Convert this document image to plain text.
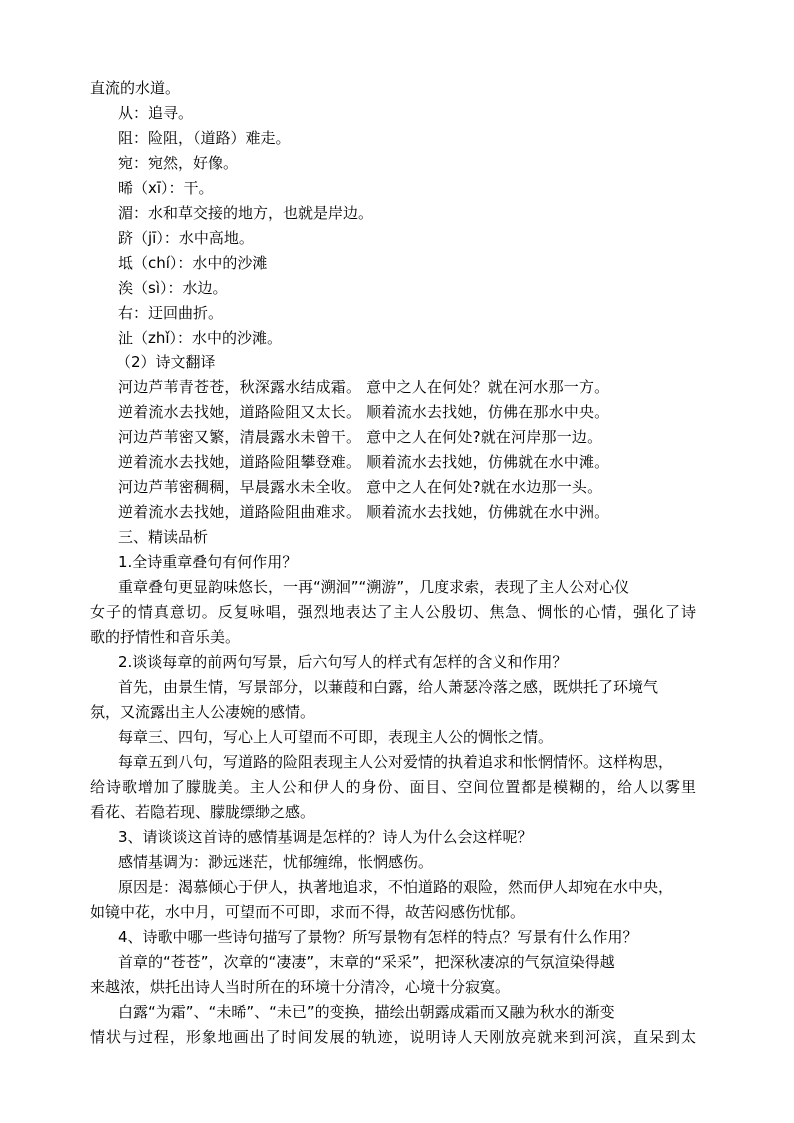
直流的水道。
从：追寻。
阻：险阻，（道路）难走。
宛：宛然，好像。
晞（xī）：干。
湄：水和草交接的地方，也就是岸边。
跻（jī）：水中高地。
坻（chí）：水中的沙滩
涘（sì）：水边。
右：迂回曲折。
沚（zhǐ）：水中的沙滩。
（2）诗文翻译
河边芦苇青苍苍，秋深露水结成霜。 意中之人在何处？就在河水那一方。
逆着流水去找她，道路险阻又太长。 顺着流水去找她，仿佛在那水中央。
河边芦苇密又繁，清晨露水未曾干。 意中之人在何处?就在河岸那一边。
逆着流水去找她，道路险阻攀登难。 顺着流水去找她，仿佛就在水中滩。
河边芦苇密稠稠，早晨露水未全收。 意中之人在何处?就在水边那一头。
逆着流水去找她，道路险阻曲难求。 顺着流水去找她，仿佛就在水中洲。
三、精读品析
1.全诗重章叠句有何作用？
重章叠句更显韵味悠长，一再“溯洄”“溯游”，几度求索，表现了主人公对心仪
女子的情真意切。反复咏唱，强烈地表达了主人公殷切、焦急、惆怅的心情，强化了诗
歌的抒情性和音乐美。
2.谈谈每章的前两句写景，后六句写人的样式有怎样的含义和作用？
首先，由景生情，写景部分，以蒹葭和白露，给人萧瑟冷落之感，既烘托了环境气
氛，又流露出主人公凄婉的感情。
每章三、四句，写心上人可望而不可即，表现主人公的惆怅之情。
每章五到八句，写道路的险阻表现主人公对爱情的执着追求和怅惘情怀。这样构思，
给诗歌增加了朦胧美。主人公和伊人的身份、面目、空间位置都是模糊的，给人以雾里
看花、若隐若现、朦胧缥缈之感。
3、请谈谈这首诗的感情基调是怎样的？诗人为什么会这样呢？
感情基调为：渺远迷茫，忧郁缠绵，怅惘感伤。
原因是：渴慕倾心于伊人，执著地追求，不怕道路的艰险，然而伊人却宛在水中央，
如镜中花，水中月，可望而不可即，求而不得，故苦闷感伤忧郁。
4、诗歌中哪一些诗句描写了景物？所写景物有怎样的特点？写景有什么作用？
首章的“苍苍”，次章的“凄凄”，末章的“采采”，把深秋凄凉的气氛渲染得越
来越浓，烘托出诗人当时所在的环境十分清冷，心境十分寂寞。
白露“为霜”、“未晞”、“未已”的变换，描绘出朝露成霜而又融为秋水的渐变
情状与过程，形象地画出了时间发展的轨迹，说明诗人天刚放亮就来到河滨，直呆到太
